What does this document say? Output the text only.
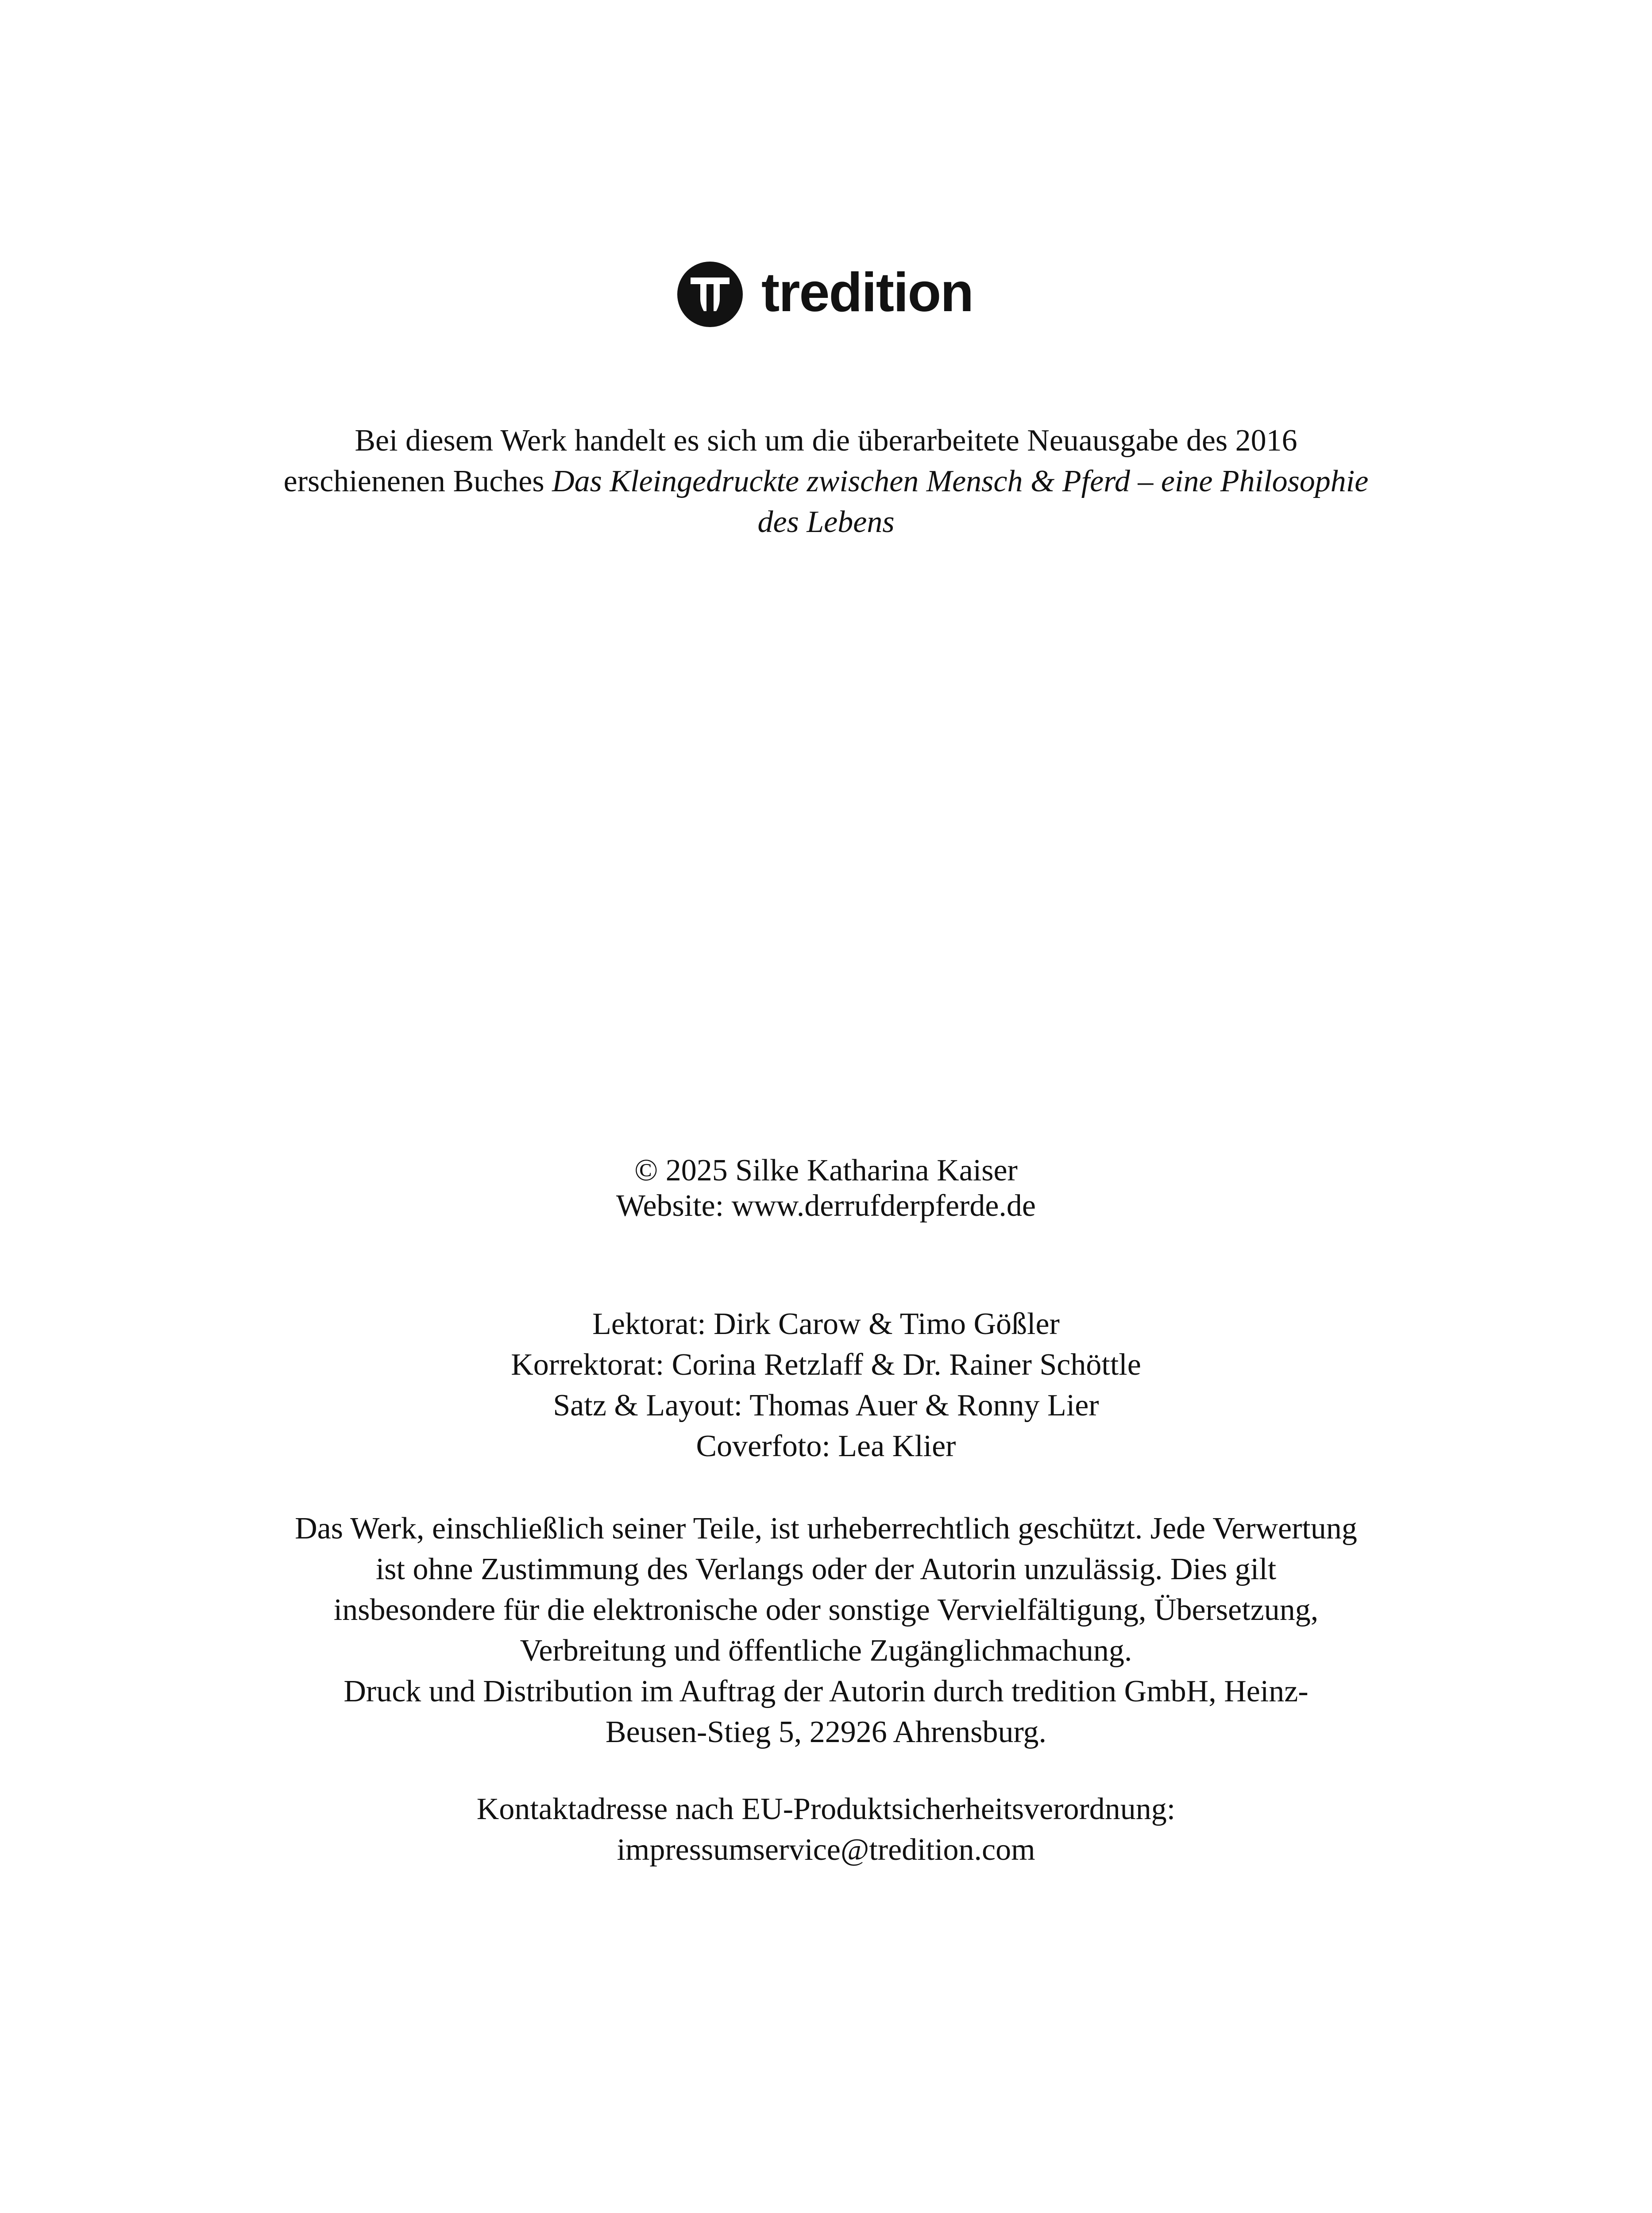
tredition
Bei diesem Werk handelt es sich um die überarbeitete Neuausgabe des 2016
erschienenen Buches Das Kleingedruckte zwischen Mensch & Pferd – eine Philosophie
des Lebens
© 2025 Silke Katharina Kaiser
Website: www.derrufderpferde.de
Lektorat: Dirk Carow & Timo Gößler
Korrektorat: Corina Retzlaff & Dr. Rainer Schöttle
Satz & Layout: Thomas Auer & Ronny Lier
Coverfoto: Lea Klier
Das Werk, einschließlich seiner Teile, ist urheberrechtlich geschützt. Jede Verwertung
ist ohne Zustimmung des Verlangs oder der Autorin unzulässig. Dies gilt
insbesondere für die elektronische oder sonstige Vervielfältigung, Übersetzung,
Verbreitung und öffentliche Zugänglichmachung.
Druck und Distribution im Auftrag der Autorin durch tredition GmbH, Heinz-
Beusen-Stieg 5, 22926 Ahrensburg.
Kontaktadresse nach EU-Produktsicherheitsverordnung:
impressumservice@tredition.com
